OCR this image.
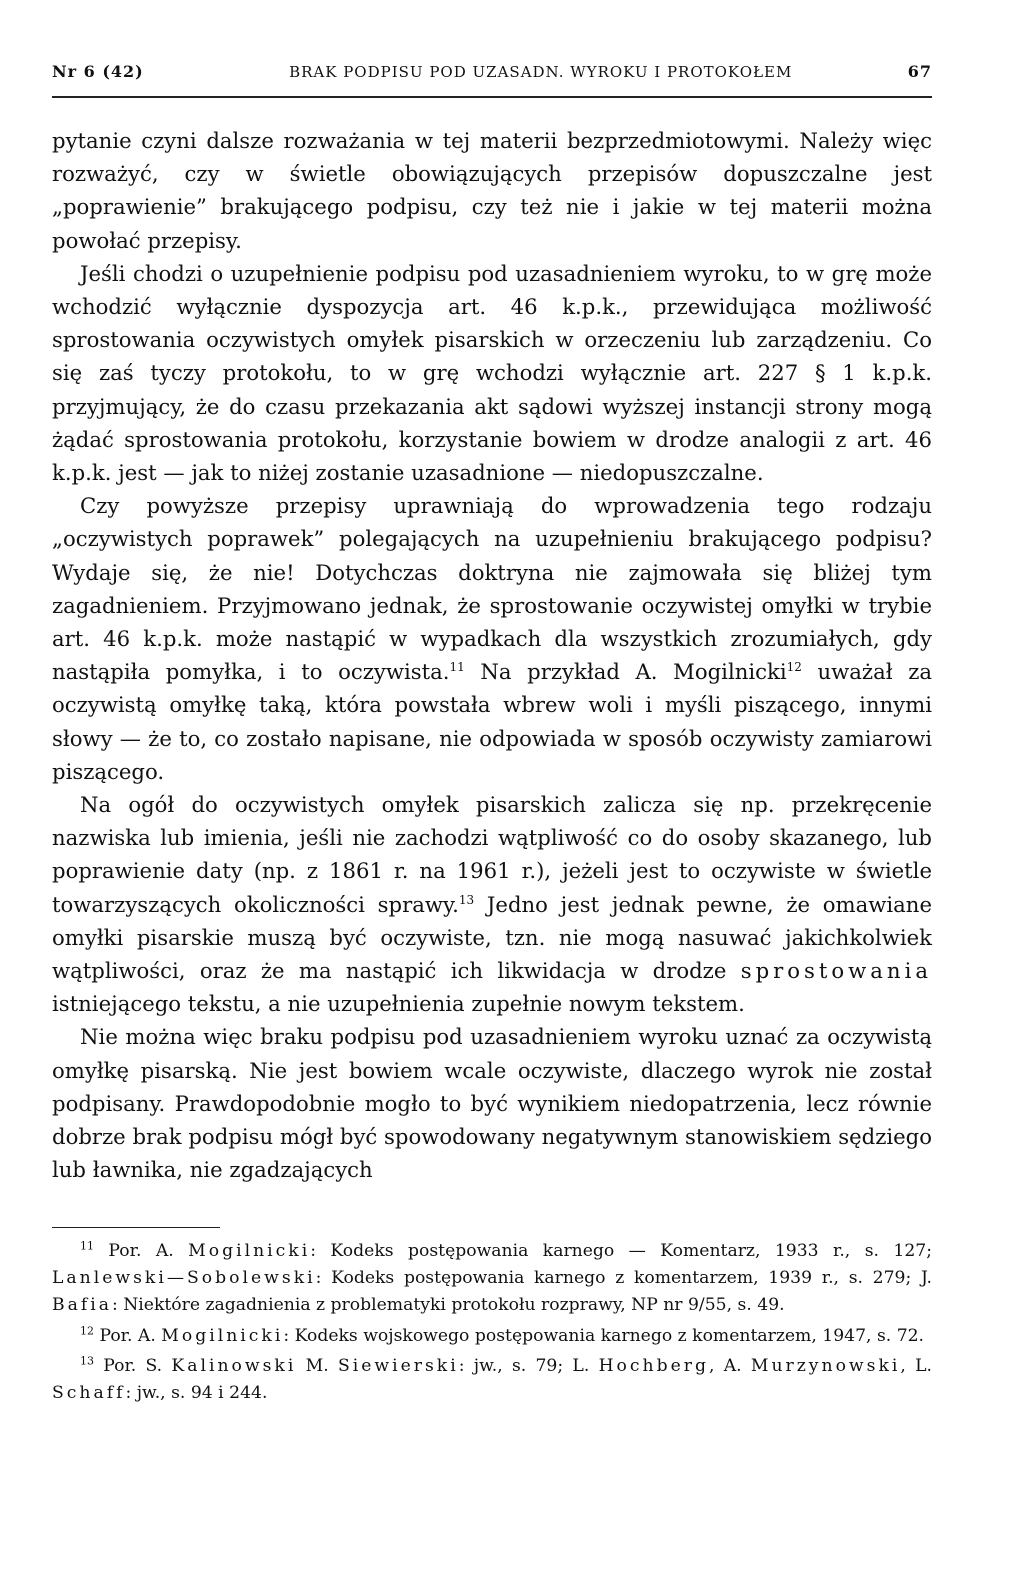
Nr 6 (42)	BRAK PODPISU POD UZASADN. WYROKU I PROTOKOŁEM	67

pytanie czyni dalsze rozważania w tej materii bezprzedmiotowymi. Należy więc rozważyć, czy w świetle obowiązujących przepisów dopuszczalne jest „poprawienie” brakującego podpisu, czy też nie i jakie w tej materii można powołać przepisy.

Jeśli chodzi o uzupełnienie podpisu pod uzasadnieniem wyroku, to w grę może wchodzić wyłącznie dyspozycja art. 46 k.p.k., przewidująca możliwość sprostowania oczywistych omyłek pisarskich w orzeczeniu lub zarządzeniu. Co się zaś tyczy protokołu, to w grę wchodzi wyłącznie art. 227 § 1 k.p.k. przyjmujący, że do czasu przekazania akt sądowi wyższej instancji strony mogą żądać sprostowania protokołu, korzystanie bowiem w drodze analogii z art. 46 k.p.k. jest — jak to niżej zostanie uzasadnione — niedopuszczalne.

Czy powyższe przepisy uprawniają do wprowadzenia tego rodzaju „oczywistych poprawek” polegających na uzupełnieniu brakującego podpisu? Wydaje się, że nie! Dotychczas doktryna nie zajmowała się bliżej tym zagadnieniem. Przyjmowano jednak, że sprostowanie oczywistej omyłki w trybie art. 46 k.p.k. może nastąpić w wypadkach dla wszystkich zrozumiałych, gdy nastąpiła pomyłka, i to oczywista.$^{11}$ Na przykład A. Mogilnicki$^{12}$ uważał za oczywistą omyłkę taką, która powstała wbrew woli i myśli piszącego, innymi słowy — że to, co zostało napisane, nie odpowiada w sposób oczywisty zamiarowi piszącego.

Na ogół do oczywistych omyłek pisarskich zalicza się np. przekręcenie nazwiska lub imienia, jeśli nie zachodzi wątpliwość co do osoby skazanego, lub poprawienie daty (np. z 1861 r. na 1961 r.), jeżeli jest to oczywiste w świetle towarzyszących okoliczności sprawy.$^{13}$ Jedno jest jednak pewne, że omawiane omyłki pisarskie muszą być oczywiste, tzn. nie mogą nasuwać jakichkolwiek wątpliwości, oraz że ma nastąpić ich likwidacja w drodze sprostowania istniejącego tekstu, a nie uzupełnienia zupełnie nowym tekstem.

Nie można więc braku podpisu pod uzasadnieniem wyroku uznać za oczywistą omyłkę pisarską. Nie jest bowiem wcale oczywiste, dlaczego wyrok nie został podpisany. Prawdopodobnie mogło to być wynikiem niedopatrzenia, lecz równie dobrze brak podpisu mógł być spowodowany negatywnym stanowiskiem sędziego lub ławnika, nie zgadzających

$^{11}$ Por. A. Mogilnicki: Kodeks postępowania karnego — Komentarz, 1933 r., s. 127; Lanlewski—Sobolewski: Kodeks postępowania karnego z komentarzem, 1939 r., s. 279; J. Bafia: Niektóre zagadnienia z problematyki protokołu rozprawy, NP nr 9/55, s. 49.

$^{12}$ Por. A. Mogilnicki: Kodeks wojskowego postępowania karnego z komentarzem, 1947, s. 72.

$^{13}$ Por. S. Kalinowski M. Siewierski: jw., s. 79; L. Hochberg, A. Murzynowski, L. Schaff: jw., s. 94 i 244.
